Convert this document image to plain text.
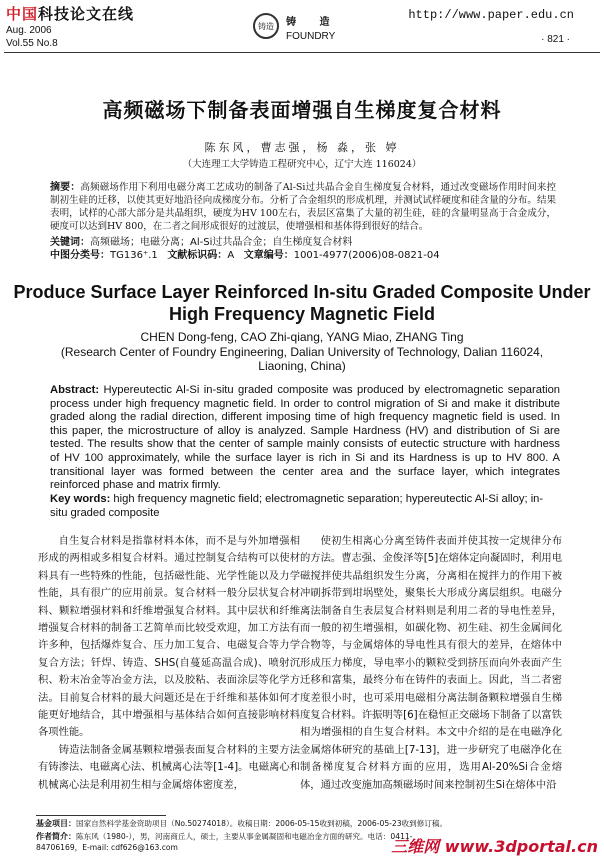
中国科技论文在线
Aug. 2006
Vol.55 No.8
铸造	铸 造
FOUNDRY
http://www.paper.edu.cn
· 821 ·
高频磁场下制备表面增强自生梯度复合材料
陈东风，曹志强，杨 淼，张 婷
（大连理工大学铸造工程研究中心，辽宁大连 116024）
摘要：高频磁场作用下利用电磁分离工艺成功的制备了Al-Si过共晶合金自生梯度复合材料，通过改变磁场作用时间来控制初生硅的迁移，以使其更好地沿径向成梯度分布。分析了合金组织的形成机理，并测试试样硬度和硅含量的分布。结果表明，试样的心部大部分是共晶组织，硬度为HV 100左右，表层区富集了大量的初生硅，硅的含量明显高于合金成分，硬度可以达到HV 800，在二者之间形成很好的过渡层，使增强相和基体得到很好的结合。
关键词：高频磁场；电磁分离；Al-Si过共晶合金；自生梯度复合材料
中图分类号：TG136⁺.1 文献标识码：A 文章编号：1001-4977(2006)08-0821-04
Produce Surface Layer Reinforced In-situ Graded Composite Under High Frequency Magnetic Field
CHEN Dong-feng, CAO Zhi-qiang, YANG Miao, ZHANG Ting
(Research Center of Foundry Engineering, Dalian University of Technology, Dalian 116024, Liaoning, China)
Abstract: Hypereutectic Al-Si in-situ graded composite was produced by electromagnetic separation process under high frequency magnetic field. In order to control migration of Si and make it distribute graded along the radial direction, different imposing time of high frequency magnetic field is used. In this paper, the microstructure of alloy is analyzed. Sample Hardness (HV) and distribution of Si are tested. The results show that the center of sample mainly consists of eutectic structure with hardness of HV 100 approximately, while the surface layer is rich in Si and its Hardness is up to HV 800. A transitional layer was formed between the center area and the surface layer, which integrates reinforced phase and matrix firmly.
Key words: high frequency magnetic field; electromagnetic separation; hypereutectic Al-Si alloy; in-situ graded composite

自生复合材料是指靠材料本体，而不是与外加增强相形成的两相或多相复合材料。通过控制复合结构可以使材料具有一些特殊的性能，包括磁性能、光学性能以及力学性能，具有很广的应用前景。复合材料一般分层状复合材料、颗粒增强材料和纤维增强复合材料。其中层状和纤维增强复合材料的制备工艺简单而比较受欢迎，加工方法有许多种，包括爆炸复合、压力加工复合、电磁复合等力学复合方法；钎焊、铸造、SHS(自蔓延高温合成)、喷射沉积、粉末冶金等冶金方法，以及胶粘、表面涂层等化学方法。目前复合材料的最大问题还是在于纤维和基体如何才能更好地结合，其中增强相与基体结合如何直接影响材料各项性能。

铸造法制备金属基颗粒增强表面复合材料的主要方法有铸渗法、电磁离心法、机械离心法等[1-4]。电磁离心和机械离心法是利用初生相与金属熔体密度差，

使初生相离心分离至铸件表面并使其按一定规律分布的方法。曹志强、金俊泽等[5]在熔体定向凝固时，利用电磁搅拌使共晶组织发生分离，分离相在搅拌力的作用下被冲刷拆带到坩埚壁处，聚集长大形成分离层组织。电磁分离法制备自生表层复合材料则是利用二者的导电性差异，而一般的初生增强相，如碳化物、初生硅、初生金属间化合物等，与金属熔体的导电性具有很大的差异，在熔体中形成压力梯度，导电率小的颗粒受到挤压而向外表面产生迁移和富集，最终分布在铸件的表面上。因此，当二者密度差很小时，也可采用电磁相分离法制备颗粒增强自生梯度复合材料。许振明等[6]在稳恒正交磁场下制备了以富铁相为增强相的自生复合材料。本文中介绍的是在电磁净化金属熔体研究的基础上[7-13]，进一步研究了电磁净化在制备梯度复合材料方面的应用，选用Al-20%Si合金熔体，通过改变施加高频磁场时间来控制初生Si在熔体中沿

基金项目：国家自然科学基金资助项目（No.50274018）。收稿日期：2006-05-15收到初稿，2006-05-23收到修订稿。
作者简介：陈东风（1980-），男，河南商丘人，硕士，主要从事金属凝固和电磁冶金方面的研究。电话：0411-84706169，E-mail: cdf626@163.com	三维网 www.3dportal.cn
